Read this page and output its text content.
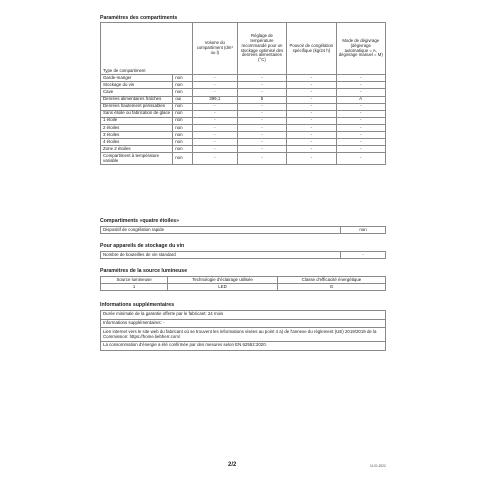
Paramètres des compartiments
Type de compartiment		Volume du compartiment (dm³ ou l)	Réglage de température recommandé pour un stockage optimisé des denrées alimentaires (°C)	Pouvoir de congélation spécifique (kg/24 h)	Mode de dégivrage (dégivrage automatique = A, dégivrage manuel = M)
Garde-manger	non	-	-	-	-
Stockage du vin	non	-	-	-	-
Cave	non	-	-	-	-
Denrées alimentaires fraîches	oui	399,1	5	-	A
Denrées hautement périssables	non	-	-	-	-
Sans étoile ou fabrication de glace	non	-	-	-	-
1 étoile	non	-	-	-	-
2 étoiles	non	-	-	-	-
3 étoiles	non	-	-	-	-
4 étoiles	non	-	-	-	-
Zone 2 étoiles	non	-	-	-	-
Compartiment à température variable	non	-	-	-	-
Compartiments «quatre étoiles»
Dispositif de congélation rapide	non
Pour appareils de stockage du vin
Nombre de bouteilles de vin standard	-
Paramètres de la source lumineuse
Source lumineuse	Technologie d'éclairage utilisée	Classe d'efficacité énergétique
1	LED	G
Informations supplémentaires
Durée minimale de la garantie offerte par le fabricant: 24 mois
Informations supplémentaires: -
Lien internet vers le site web du fabricant où se trouvent les informations visées au point 4 a) de l'annexe du règlement (UE) 2019/2019 de la Commission: https://home.liebherr.com/
La consommation d'énergie a été confirmée par des mesures selon EN 62552:2020.
2/2	11.01.2022
